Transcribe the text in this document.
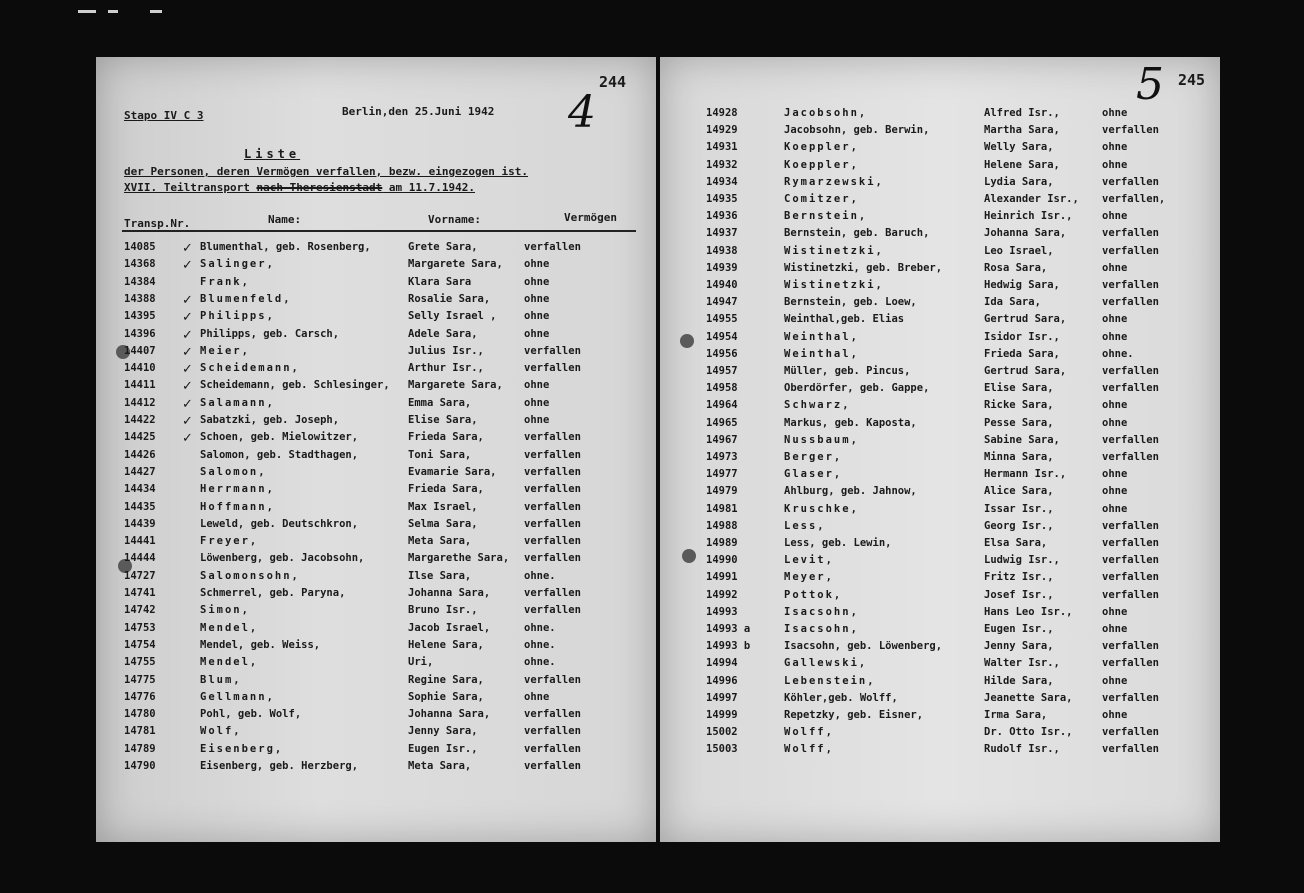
244
4
Stapo IV C 3	Berlin,den 25.Juni 1942
Liste
der Personen, deren Vermögen verfallen, bezw. eingezogen ist.
XVII. Teiltransport nach Theresienstadt am 11.7.1942.
Transp.Nr.	Name:	Vorname:	Vermögen
14085 ✓ Blumenthal, geb. Rosenberg,	Grete Sara,	verfallen
14368 ✓ Salinger,	Margarete Sara, ohne
14384	Frank,	Klara Sara	ohne
14388 ✓ Blumenfeld,	Rosalie Sara,	ohne
14395 ✓ Philipps,	Selly Israel ,	ohne
14396 ✓ Philipps, geb. Carsch,	Adele Sara,	ohne
14407 ✓ Meier,	Julius Isr.,	verfallen
14410 ✓ Scheidemann,	Arthur Isr.,	verfallen
14411 ✓ Scheidemann, geb. Schlesinger, Margarete Sara, ohne
14412 ✓ Salamann,	Emma Sara,	ohne
14422 ✓ Sabatzki, geb. Joseph,	Elise Sara,	ohne
14425 ✓ Schoen, geb. Mielowitzer,	Frieda Sara,	verfallen
14426	Salomon, geb. Stadthagen,	Toni Sara,	verfallen
14427	Salomon,	Evamarie Sara,	verfallen
14434	Herrmann,	Frieda Sara,	verfallen
14435	Hoffmann,	Max Israel,	verfallen
14439	Leweld, geb. Deutschkron,	Selma Sara,	verfallen
14441	Freyer,	Meta Sara,	verfallen
14444	Löwenberg, geb. Jacobsohn,	Margarethe Sara, verfallen
14727	Salomonsohn,	Ilse Sara,	ohne.
14741	Schmerrel, geb. Paryna,	Johanna Sara,	verfallen
14742	Simon,	Bruno Isr.,	verfallen
14753	Mendel,	Jacob Israel,	ohne.
14754	Mendel, geb. Weiss,	Helene Sara,	ohne.
14755	Mendel,	Uri,	ohne.
14775	Blum,	Regine Sara,	verfallen
14776	Gellmann,	Sophie Sara,	ohne
14780	Pohl, geb. Wolf,	Johanna Sara,	verfallen
14781	Wolf,	Jenny Sara,	verfallen
14789	Eisenberg,	Eugen Isr.,	verfallen
14790	Eisenberg, geb. Herzberg,	Meta Sara,	verfallen
245
5
14928	Jacobsohn,	Alfred Isr.,	ohne
14929	Jacobsohn, geb. Berwin,	Martha Sara,	verfallen
14931	Koeppler,	Welly Sara,	ohne
14932	Koeppler,	Helene Sara,	ohne
14934	Rymarzewski,	Lydia Sara,	verfallen
14935	Comitzer,	Alexander Isr., verfallen,
14936	Bernstein,	Heinrich Isr.,	ohne
14937	Bernstein, geb. Baruch,	Johanna Sara,	verfallen
14938	Wistinetzki,	Leo Israel,	verfallen
14939	Wistinetzki, geb. Breber,	Rosa Sara,	ohne
14940	Wistinetzki,	Hedwig Sara,	verfallen
14947	Bernstein, geb. Loew,	Ida Sara,	verfallen
14955	Weinthal,geb. Elias	Gertrud Sara,	ohne
14954	Weinthal,	Isidor Isr.,	ohne
14956	Weinthal,	Frieda Sara,	ohne.
14957	Müller, geb. Pincus,	Gertrud Sara,	verfallen
14958	Oberdörfer, geb. Gappe,	Elise Sara,	verfallen
14964	Schwarz,	Ricke Sara,	ohne
14965	Markus, geb. Kaposta,	Pesse Sara,	ohne
14967	Nussbaum,	Sabine Sara,	verfallen
14973	Berger,	Minna Sara,	verfallen
14977	Glaser,	Hermann Isr.,	ohne
14979	Ahlburg, geb. Jahnow,	Alice Sara,	ohne
14981	Kruschke,	Issar Isr.,	ohne
14988	Less,	Georg Isr.,	verfallen
14989	Less, geb. Lewin,	Elsa Sara,	verfallen
14990	Levit,	Ludwig Isr.,	verfallen
14991	Meyer,	Fritz Isr.,	verfallen
14992	Pottok,	Josef Isr.,	verfallen
14993	Isacsohn,	Hans Leo Isr.,	ohne
14993 a	Isacsohn,	Eugen Isr.,	ohne
14993 b	Isacsohn, geb. Löwenberg,	Jenny Sara,	verfallen
14994	Gallewski,	Walter Isr.,	verfallen
14996	Lebenstein,	Hilde Sara,	ohne
14997	Köhler,geb. Wolff,	Jeanette Sara,	verfallen
14999	Repetzky, geb. Eisner,	Irma Sara,	ohne
15002	Wolff,	Dr. Otto Isr.,	verfallen
15003	Wolff,	Rudolf Isr.,	verfallen
